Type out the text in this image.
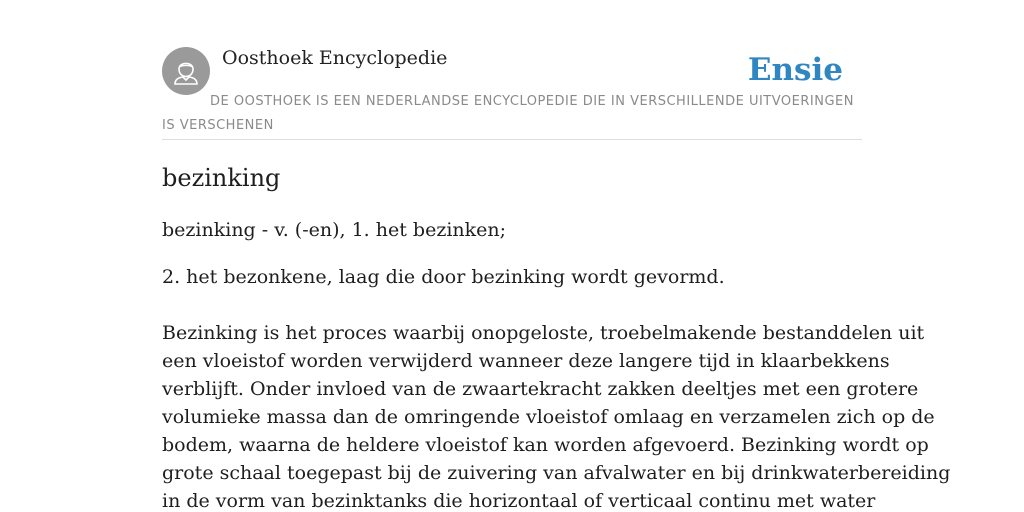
Oosthoek Encyclopedie	Ensie
DE OOSTHOEK IS EEN NEDERLANDSE ENCYCLOPEDIE DIE IN VERSCHILLENDE UITVOERINGEN IS VERSCHENEN
bezinking

bezinking - v. (-en), 1. het bezinken;

2. het bezonkene, laag die door bezinking wordt gevormd.

Bezinking is het proces waarbij onopgeloste, troebelmakende bestanddelen uit
een vloeistof worden verwijderd wanneer deze langere tijd in klaarbekkens
verblijft. Onder invloed van de zwaartekracht zakken deeltjes met een grotere
volumieke massa dan de omringende vloeistof omlaag en verzamelen zich op de
bodem, waarna de heldere vloeistof kan worden afgevoerd. Bezinking wordt op
grote schaal toegepast bij de zuivering van afvalwater en bij drinkwaterbereiding
in de vorm van bezinktanks die horizontaal of verticaal continu met water
